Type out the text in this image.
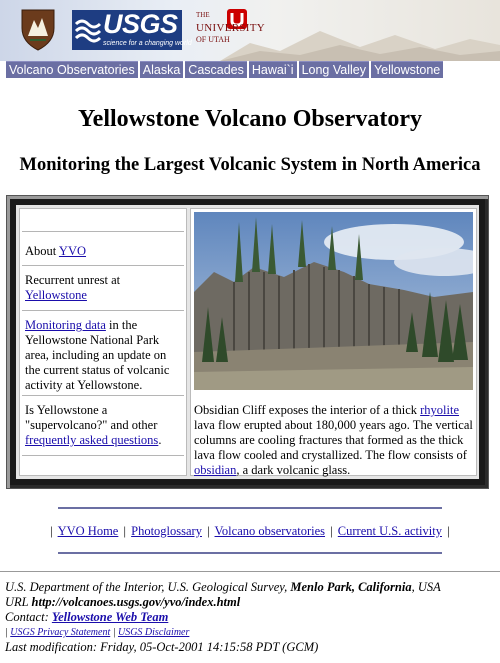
USGS
science for a changing world
THE
UNIVERSITY
OF UTAH
Volcano Observatories Alaska Cascades Hawai`i Long Valley Yellowstone
Yellowstone Volcano Observatory
Monitoring the Largest Volcanic System in North America
About YVO
Recurrent unrest at Yellowstone
Monitoring data in the Yellowstone National Park area, including an update on the current status of volcanic activity at Yellowstone.
Is Yellowstone a "supervolcano?" and other frequently asked questions.
Obsidian Cliff exposes the interior of a thick rhyolite lava flow erupted about 180,000 years ago. The vertical columns are cooling fractures that formed as the thick lava flow cooled and crystallized. The flow consists of obsidian, a dark volcanic glass.
| YVO Home | Photoglossary | Volcano observatories | Current U.S. activity |
U.S. Department of the Interior, U.S. Geological Survey, Menlo Park, California, USA
URL http://volcanoes.usgs.gov/yvo/index.html
Contact: Yellowstone Web Team
| USGS Privacy Statement | USGS Disclaimer
Last modification: Friday, 05-Oct-2001 14:15:58 PDT (GCM)
